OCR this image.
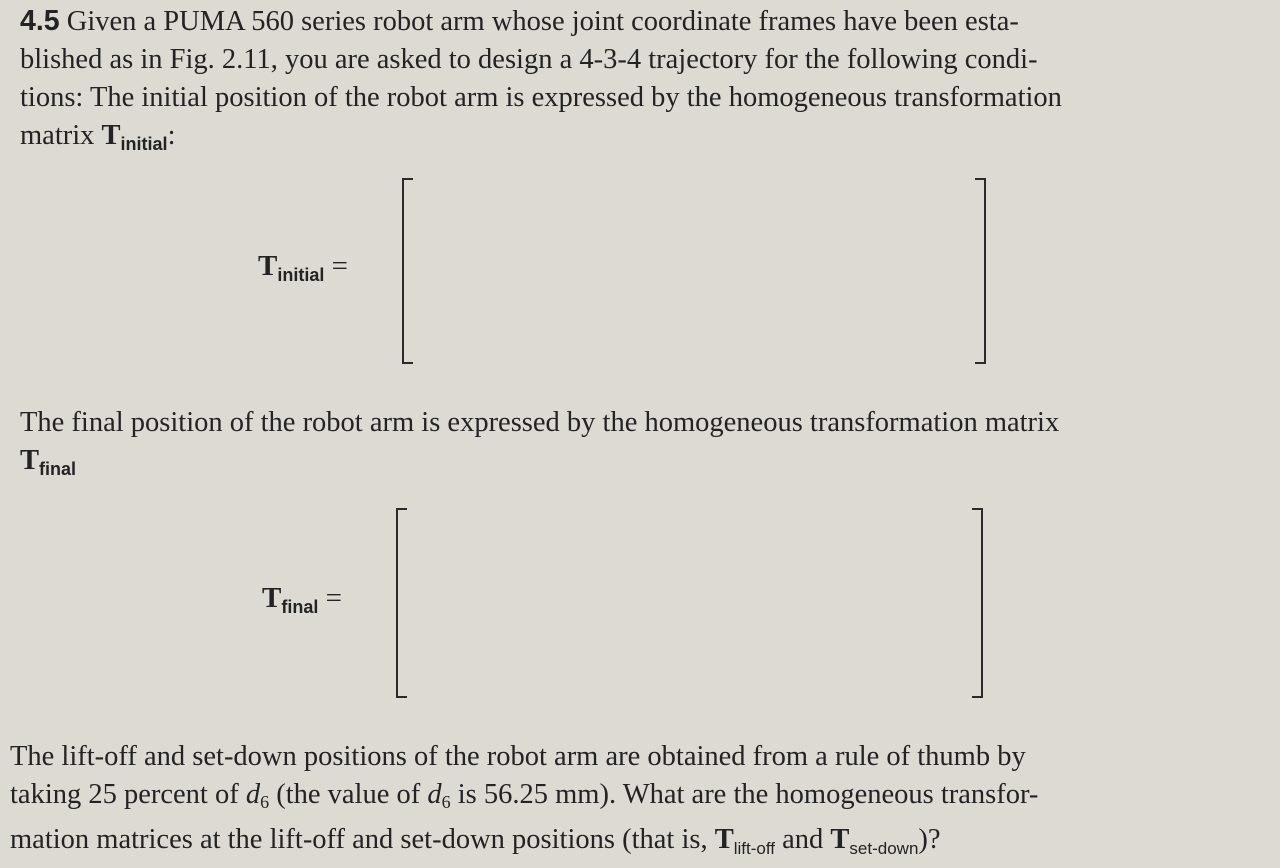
4.5 Given a PUMA 560 series robot arm whose joint coordinate frames have been esta-
blished as in Fig. 2.11, you are asked to design a 4-3-4 trajectory for the following condi-
tions: The initial position of the robot arm is expressed by the homogeneous transformation
matrix $T_{initial}$:
$T_{initial}$ =
The final position of the robot arm is expressed by the homogeneous transformation matrix
$T_{final}$
$T_{final}$ =
The lift-off and set-down positions of the robot arm are obtained from a rule of thumb by
taking 25 percent of d6 (the value of d6 is 56.25 mm). What are the homogeneous transfor-
mation matrices at the lift-off and set-down positions (that is, $T_{lift-off}$ and $T_{set-down}$)?
